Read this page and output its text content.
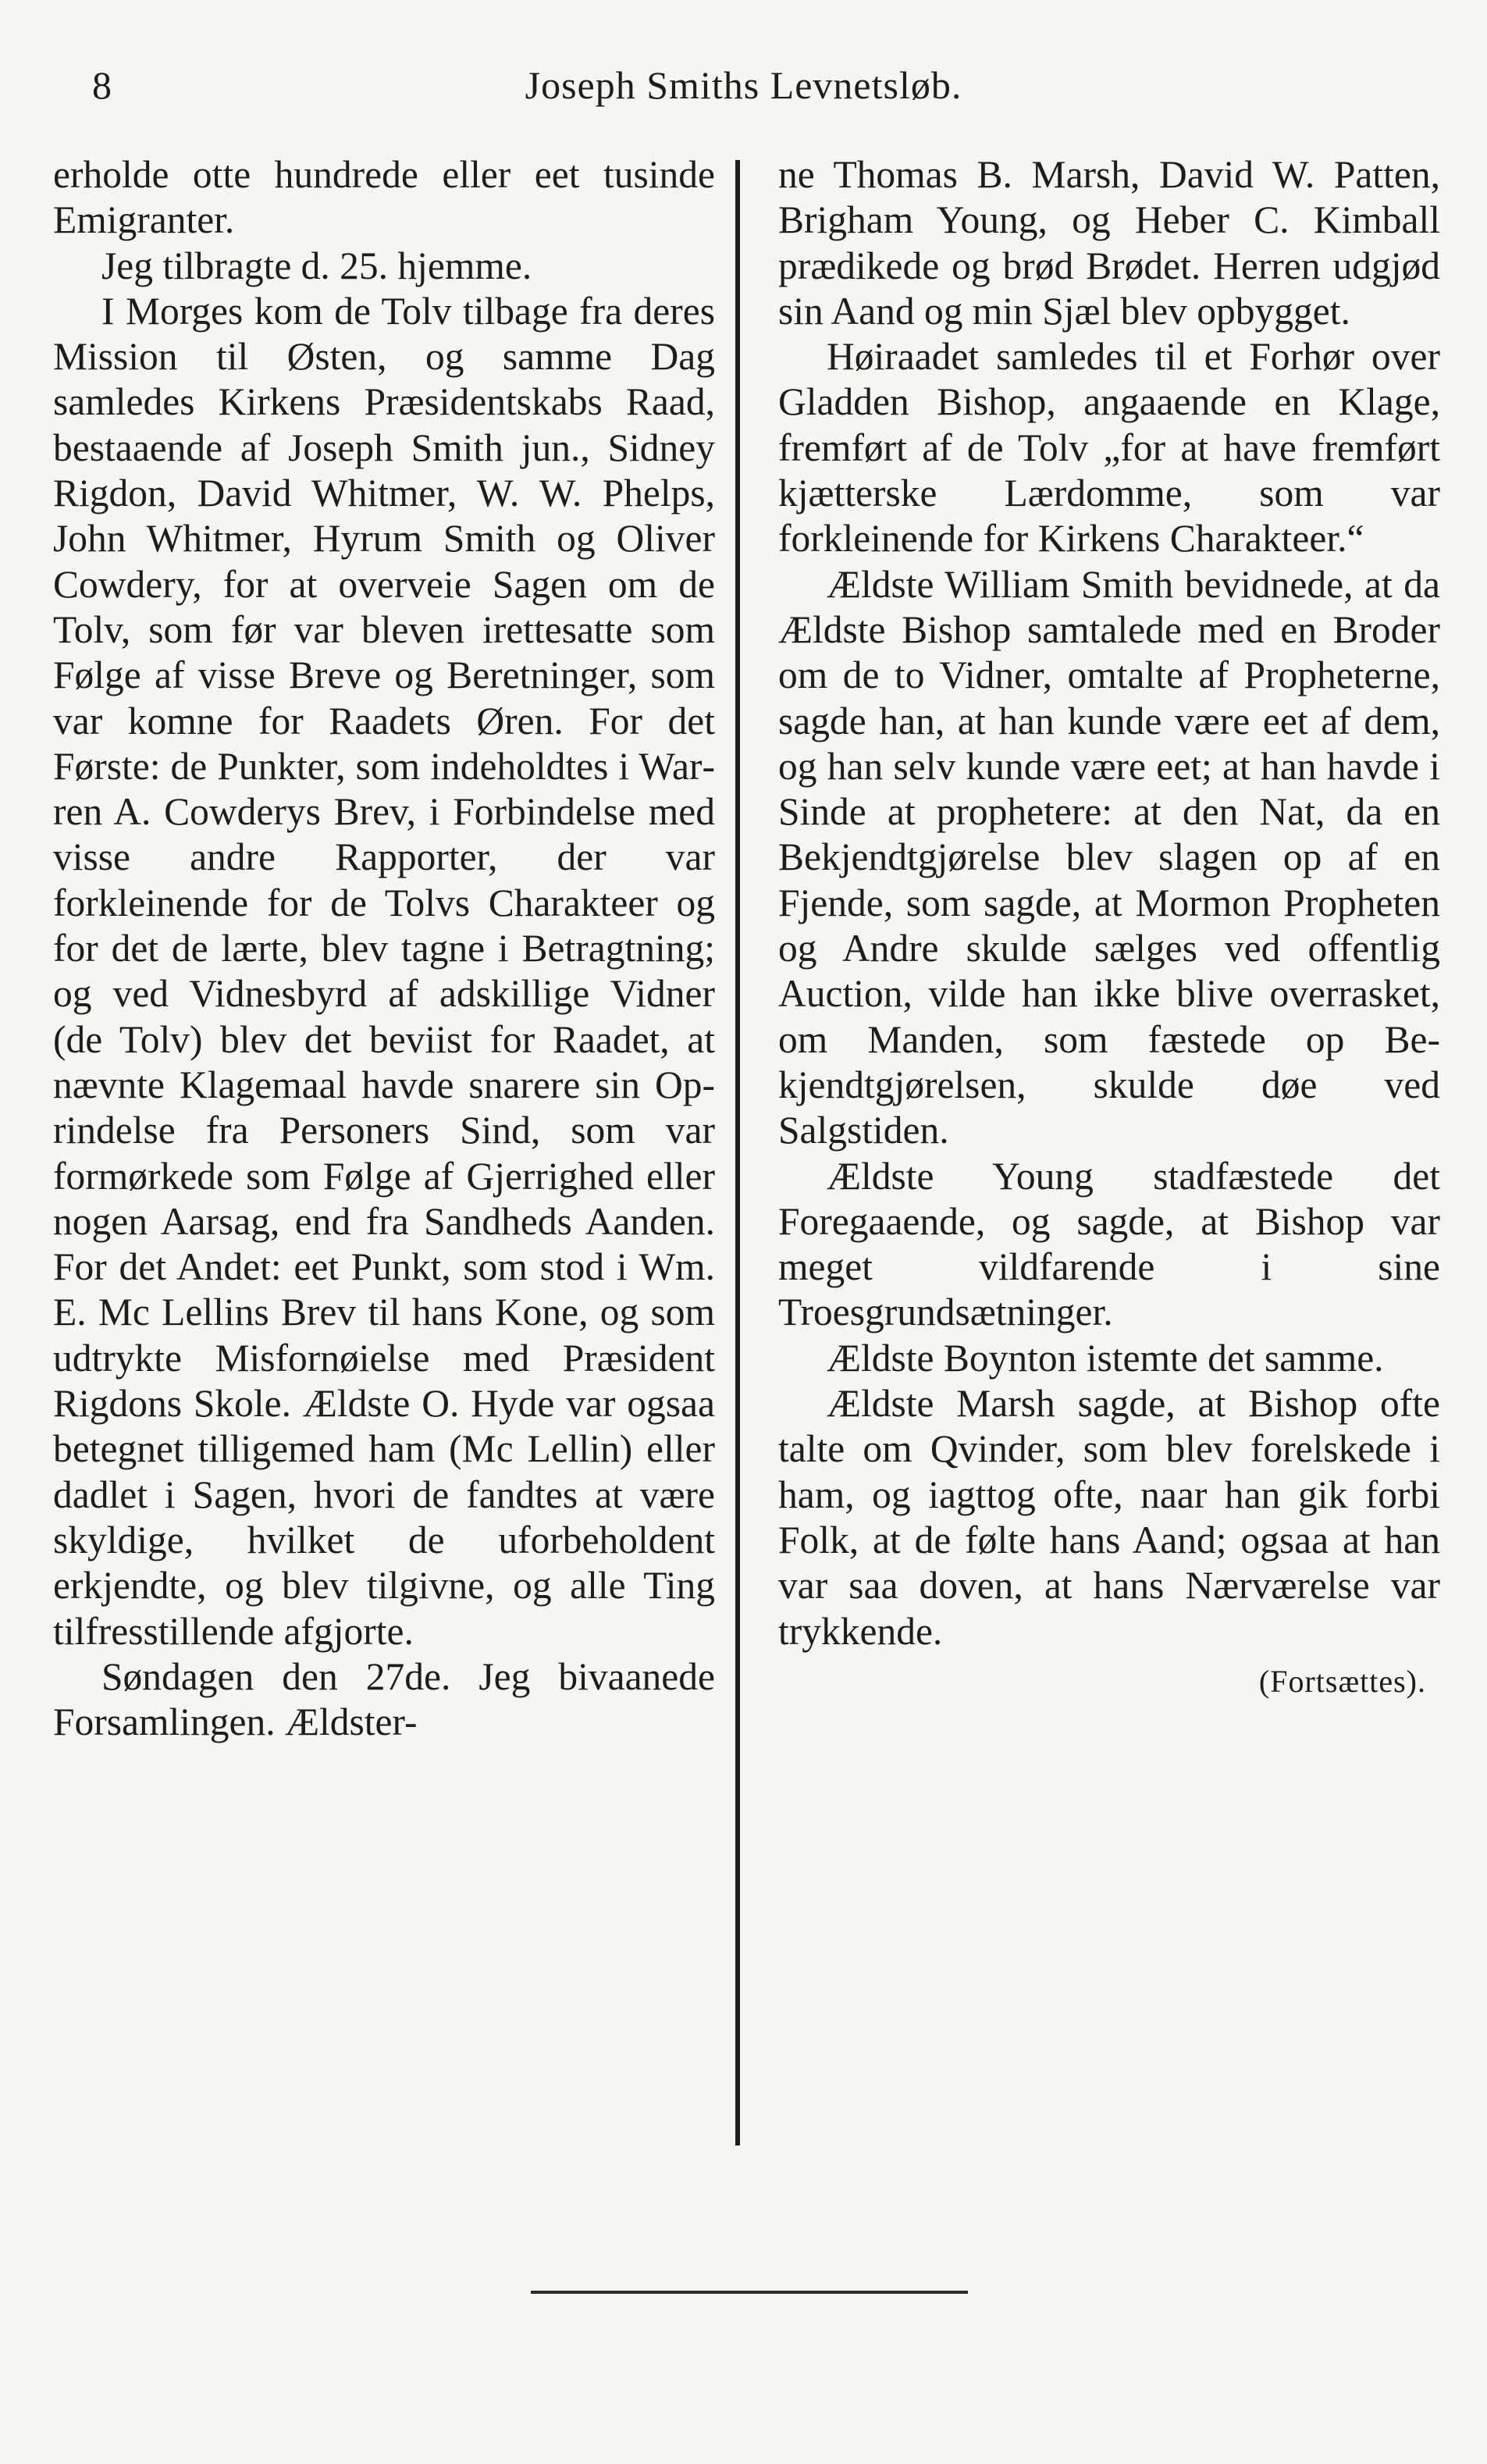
8	Joseph Smiths Levnetsløb.

erholde otte hundrede eller eet tusinde Emigranter.

Jeg tilbragte d. 25. hjemme.

I Morges kom de Tolv tilbage fra deres Mission til Østen, og samme Dag samledes Kirkens Præsidentskabs Raad, bestaaende af Joseph Smith jun., Sidney Rigdon, David Whitmer, W. W. Phelps, John Whitmer, Hyrum Smith og Oliver Cowdery, for at overveie Sagen om de Tolv, som før var bleven irettesatte som Følge af visse Breve og Beretninger, som var komne for Raadets Øren. For det Første: de Punkter, som indeholdtes i Warren A. Cowderys Brev, i Forbindelse med visse andre Rapporter, der var forkleinende for de Tolvs Charakteer og for det de lærte, blev tagne i Betragtning; og ved Vidnesbyrd af adskillige Vidner (de Tolv) blev det beviist for Raadet, at nævnte Klagemaal havde snarere sin Oprindelse fra Personers Sind, som var formørkede som Følge af Gjerrighed eller nogen Aarsag, end fra Sandheds Aanden. For det Andet: eet Punkt, som stod i Wm. E. Mc Lellins Brev til hans Kone, og som udtrykte Misfornøielse med Præsident Rigdons Skole. Ældste O. Hyde var ogsaa betegnet tilligemed ham (Mc Lellin) eller dadlet i Sagen, hvori de fandtes at være skyldige, hvilket de uforbeholdent erkjendte, og blev tilgivne, og alle Ting tilfresstillende afgjorte.

Søndagen den 27de. Jeg bivaanede Forsamlingen. Ældster-

ne Thomas B. Marsh, David W. Patten, Brigham Young, og Heber C. Kimball prædikede og brød Brødet. Herren udgjød sin Aand og min Sjæl blev opbygget.

Høiraadet samledes til et Forhør over Gladden Bishop, angaaende en Klage, fremført af de Tolv „for at have fremført kjætterske Lærdomme, som var forkleinende for Kirkens Charakteer.“

Ældste William Smith bevidnede, at da Ældste Bishop samtalede med en Broder om de to Vidner, omtalte af Propheterne, sagde han, at han kunde være eet af dem, og han selv kunde være eet; at han havde i Sinde at prophetere: at den Nat, da en Bekjendtgjørelse blev slagen op af en Fjende, som sagde, at Mormon Propheten og Andre skulde sælges ved offentlig Auction, vilde han ikke blive overrasket, om Manden, som fæstede op Bekjendtgjørelsen, skulde døe ved Salgstiden.

Ældste Young stadfæstede det Foregaaende, og sagde, at Bishop var meget vildfarende i sine Troesgrundsætninger.

Ældste Boynton istemte det samme.

Ældste Marsh sagde, at Bishop ofte talte om Qvinder, som blev forelskede i ham, og iagttog ofte, naar han gik forbi Folk, at de følte hans Aand; ogsaa at han var saa doven, at hans Nærværelse var trykkende.

(Fortsættes).
